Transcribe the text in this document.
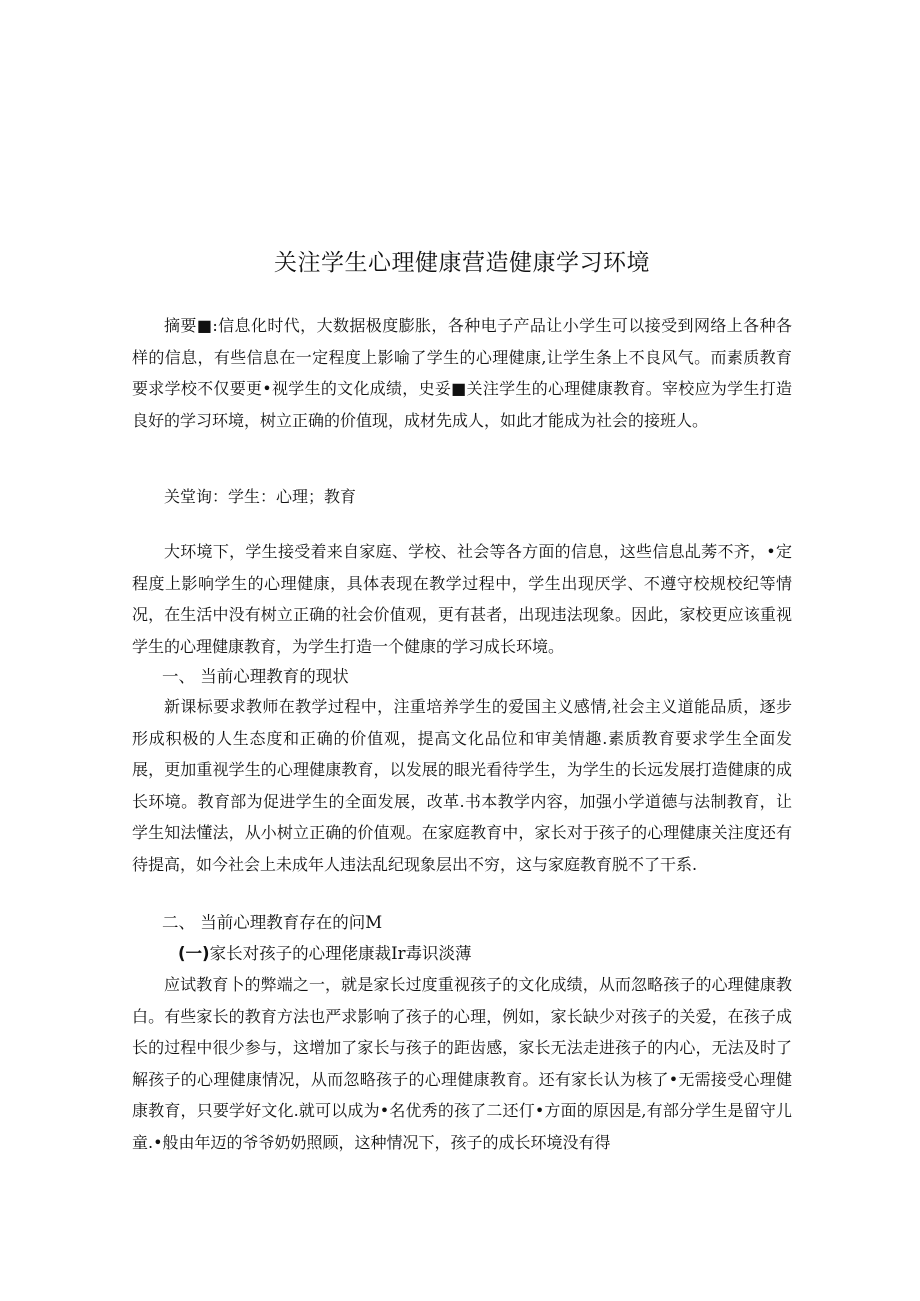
关注学生心理健康营造健康学习环境

摘要■:信息化时代，大数据极度膨胀，各种电子产品让小学生可以接受到网络上各种各样的信息，有些信息在一定程度上影喻了学生的心理健康,让学生条上不良风气。而素质教育要求学校不仅要更•视学生的文化成绩，史妥■关注学生的心理健康教育。宰校应为学生打造良好的学习环境，树立正确的价值现，成材先成人，如此才能成为社会的接班人。

关堂询：学生：心理；教育

大环境下，学生接受着来自家庭、学校、社会等各方面的信息，这些信息乩莠不齐，•定程度上影响学生的心理健康，具体表现在教学过程中，学生出现厌学、不遵守校规校纪等情况，在生活中没有树立正确的社会价值观，更有甚者，出现违法现象。因此，家校更应该重视学生的心理健康教育，为学生打造一个健康的学习成长环境。

一、 当前心理教育的现状

新课标要求教师在教学过程中，注重培养学生的爱国主义感情,社会主义道能品质，逐步形成积极的人生态度和正确的价值观，提高文化品位和审美情趣.素质教育要求学生全面发展，更加重视学生的心理健康教育，以发展的眼光看待学生，为学生的长远发展打造健康的成长环境。教育部为促进学生的全面发展，改革.书本教学内容，加强小学道德与法制教育，让学生知法懂法，从小树立正确的价值观。在家庭教育中，家长对于孩子的心理健康关注度还有待提高，如今社会上未成年人违法乱纪现象层出不穷，这与家庭教育脱不了干系.

二、 当前心理教育存在的问M
(一)家长对孩子的心理佬康裁Ir毒识淡薄

应试教育卜的弊端之一，就是家长过度重视孩子的文化成绩，从而忽略孩子的心理健康教白。有些家长的教育方法也严求影响了孩子的心理，例如，家长缺少对孩子的关爱，在孩子成长的过程中很少参与，这增加了家长与孩子的距齿感，家长无法走进孩子的内心，无法及时了解孩子的心理健康情况，从而忽略孩子的心理健康教育。还有家长认为核了•无需接受心理健康教育，只要学好文化.就可以成为•名优秀的孩了二还仃•方面的原因是,有部分学生是留守儿童.•般由年迈的爷爷奶奶照顾，这种情况下，孩子的成长环境没有得
